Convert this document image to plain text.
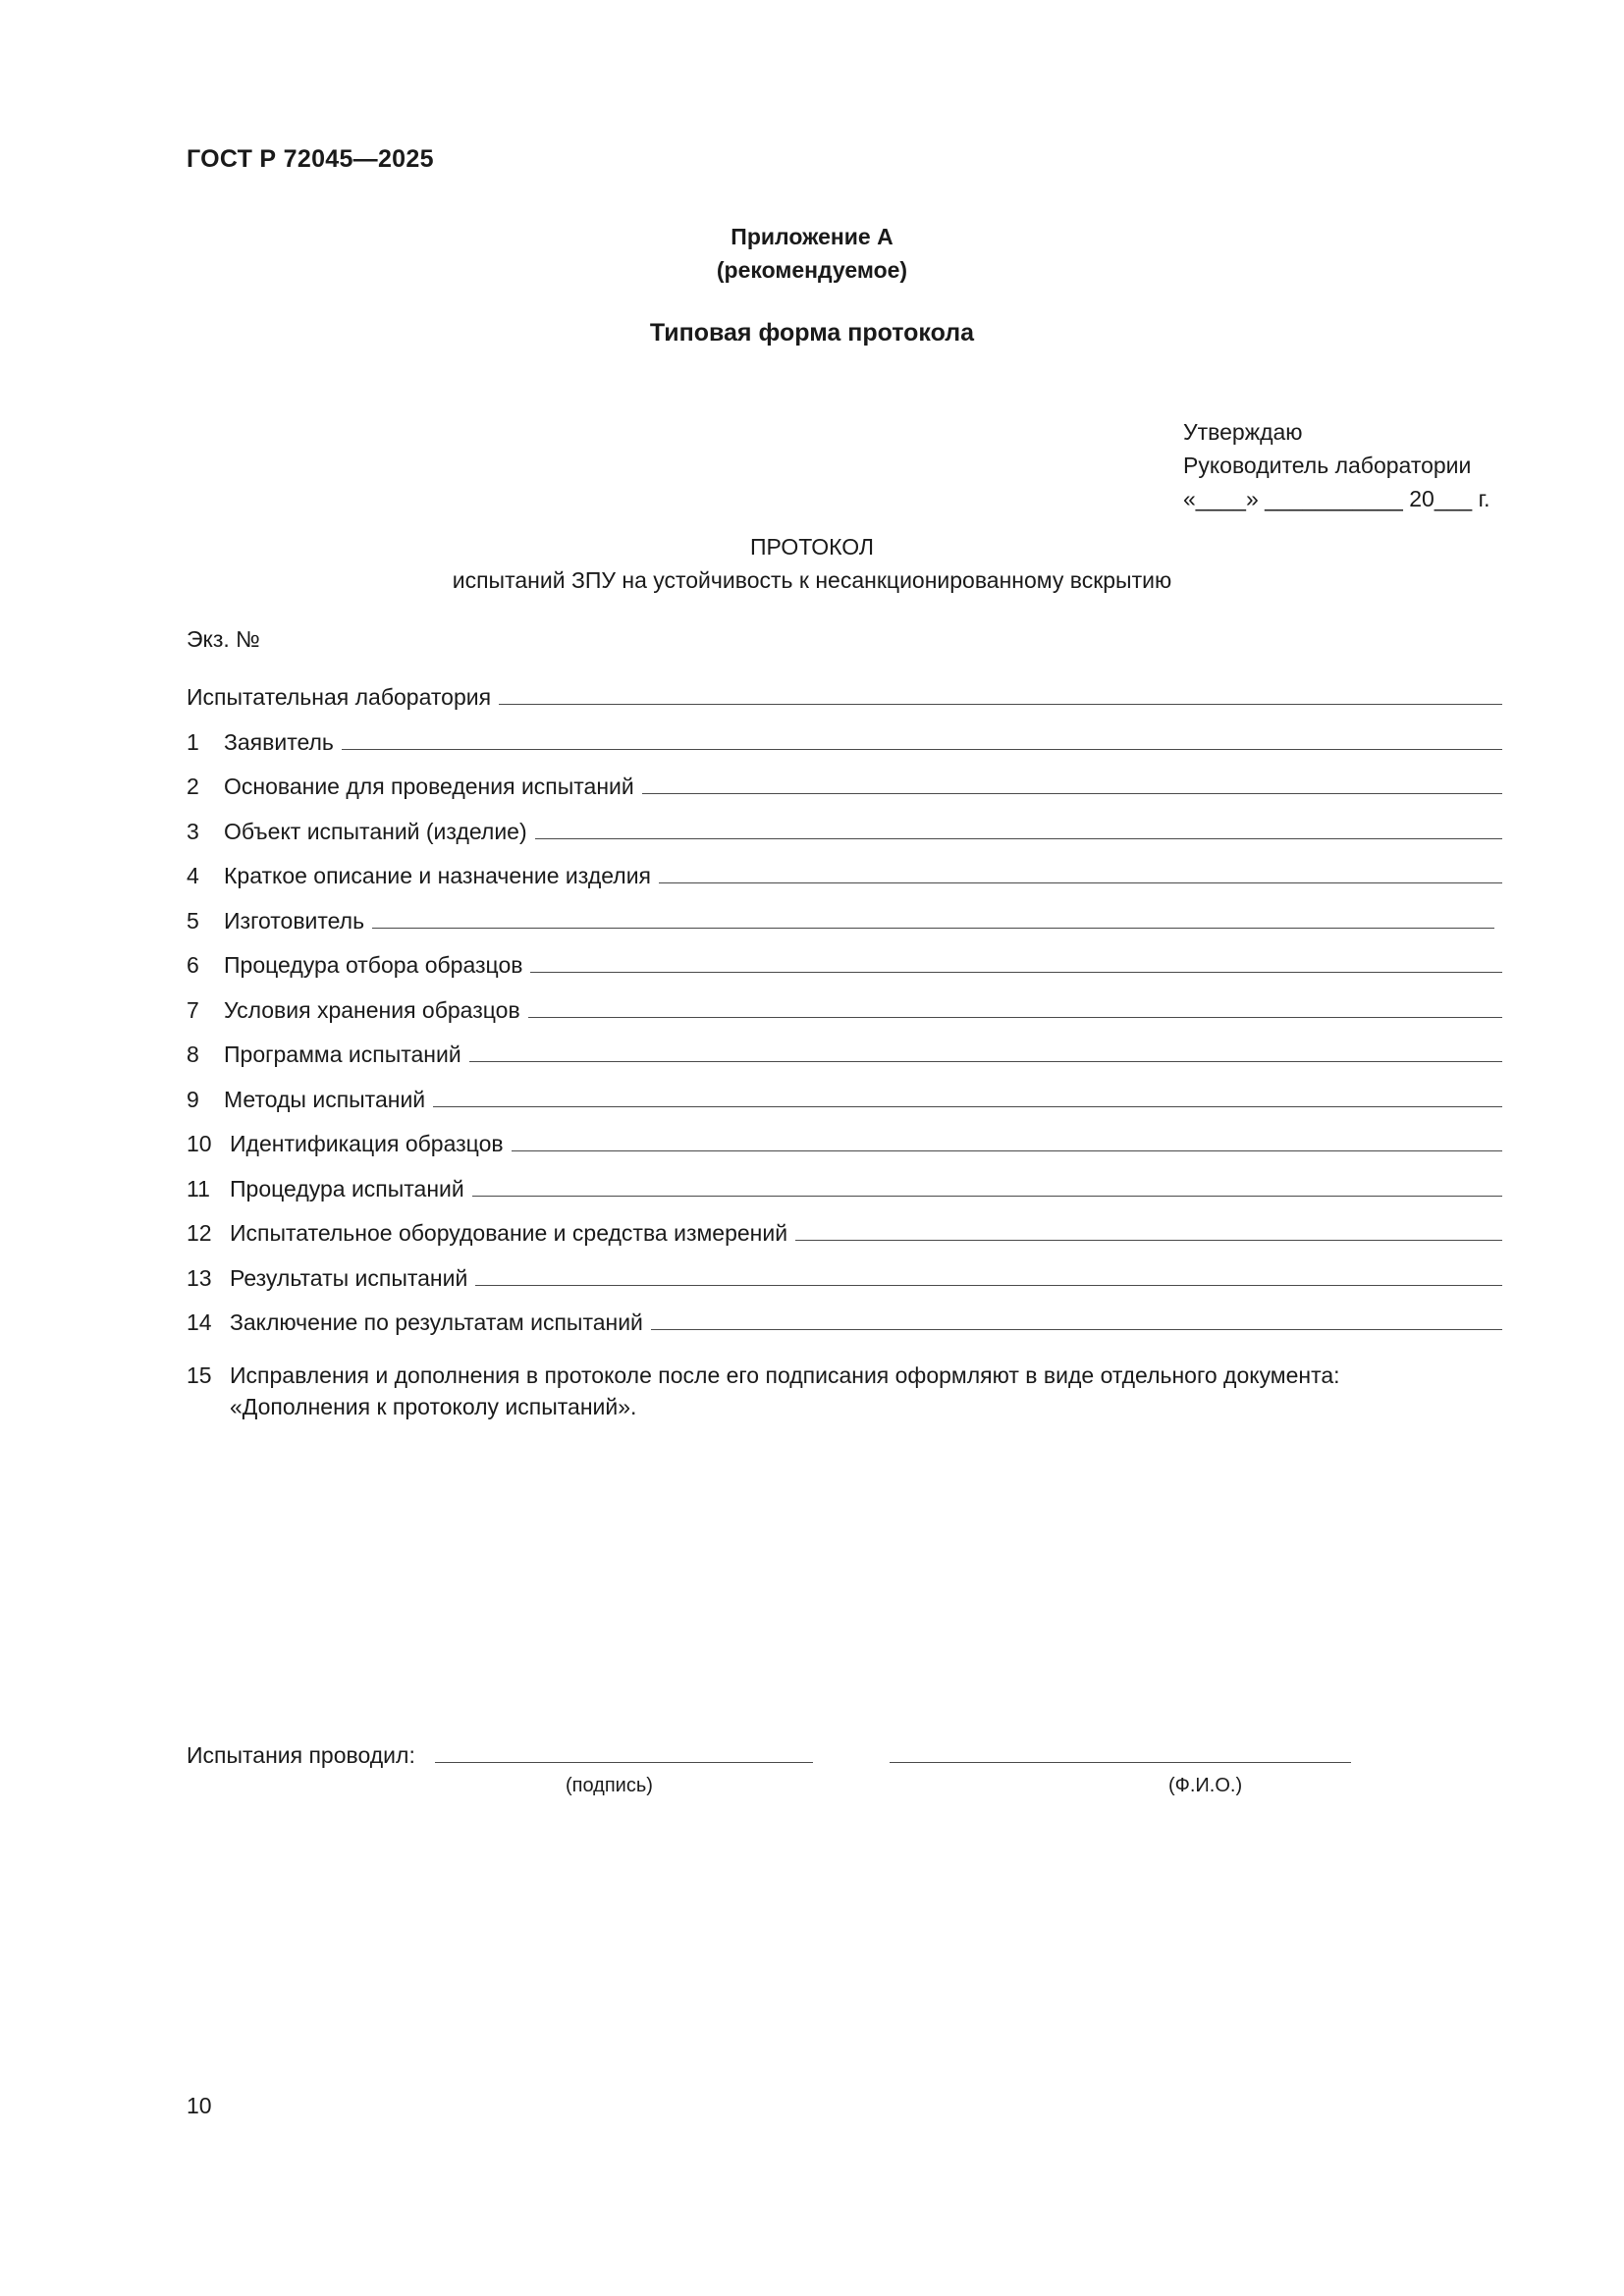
ГОСТ Р 72045—2025
Приложение А
(рекомендуемое)
Типовая форма протокола
Утверждаю
Руководитель лаборатории
«____» ___________ 20___ г.
ПРОТОКОЛ
испытаний ЗПУ на устойчивость к несанкционированному вскрытию
Экз. №
Испытательная лаборатория
1	Заявитель
2	Основание для проведения испытаний
3	Объект испытаний (изделие)
4	Краткое описание и назначение изделия
5	Изготовитель
6	Процедура отбора образцов
7	Условия хранения образцов
8	Программа испытаний
9	Методы испытаний
10 Идентификация образцов
11 Процедура испытаний
12 Испытательное оборудование и средства измерений
13 Результаты испытаний
14 Заключение по результатам испытаний
15 Исправления и дополнения в протоколе после его подписания оформляют в виде отдельного документа: «Дополнения к протоколу испытаний».
Испытания проводил:
(подпись)	(Ф.И.О.)
10
